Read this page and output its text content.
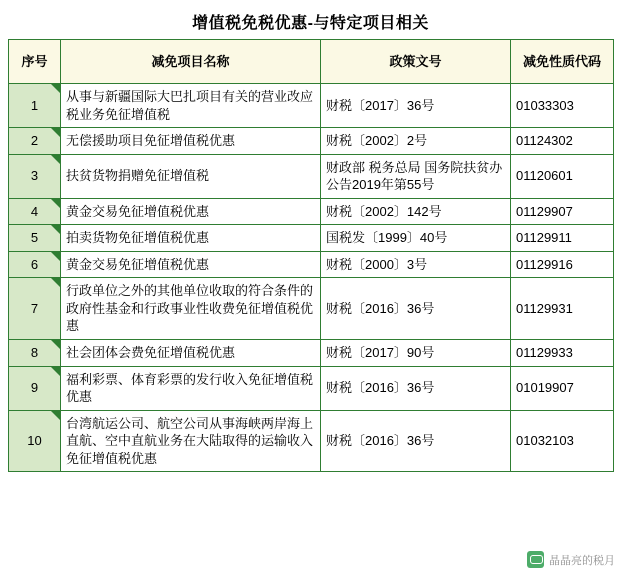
增值税免税优惠-与特定项目相关
序号	减免项目名称	政策文号	减免性质代码
1	从事与新疆国际大巴扎项目有关的营业改应税业务免征增值税	财税〔2017〕36号	01033303
2	无偿援助项目免征增值税优惠	财税〔2002〕2号	01124302
3	扶贫货物捐赠免征增值税	财政部 税务总局 国务院扶贫办公告2019年第55号	01120601
4	黄金交易免征增值税优惠	财税〔2002〕142号	01129907
5	拍卖货物免征增值税优惠	国税发〔1999〕40号	01129911
6	黄金交易免征增值税优惠	财税〔2000〕3号	01129916
7	行政单位之外的其他单位收取的符合条件的政府性基金和行政事业性收费免征增值税优惠	财税〔2016〕36号	01129931
8	社会团体会费免征增值税优惠	财税〔2017〕90号	01129933
9	福利彩票、体育彩票的发行收入免征增值税优惠	财税〔2016〕36号	01019907
10	台湾航运公司、航空公司从事海峡两岸海上直航、空中直航业务在大陆取得的运输收入免征增值税优惠	财税〔2016〕36号	01032103
晶晶亮的税月
